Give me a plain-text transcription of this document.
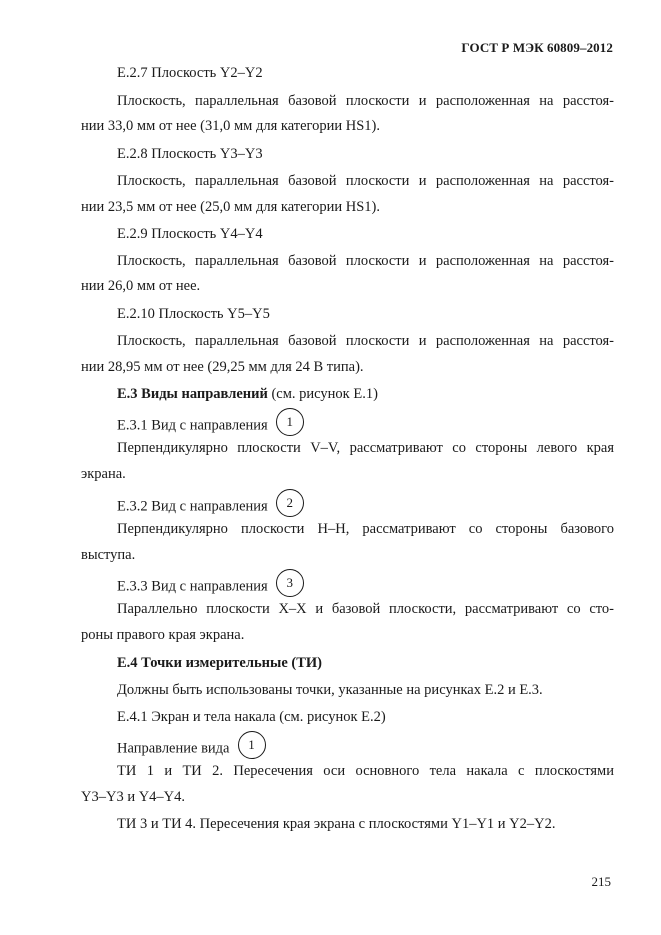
ГОСТ Р МЭК 60809–2012
Е.2.7 Плоскость Y2–Y2
Плоскость, параллельная базовой плоскости и расположенная на расстоя-
нии 33,0 мм от нее (31,0 мм для категории HS1).
Е.2.8 Плоскость Y3–Y3
Плоскость, параллельная базовой плоскости и расположенная на расстоя-
нии 23,5 мм от нее (25,0 мм для категории HS1).
Е.2.9 Плоскость Y4–Y4
Плоскость, параллельная базовой плоскости и расположенная на расстоя-
нии 26,0 мм от нее.
Е.2.10 Плоскость Y5–Y5
Плоскость, параллельная базовой плоскости и расположенная на расстоя-
нии 28,95 мм от нее (29,25 мм для 24 В типа).
Е.3 Виды направлений (см. рисунок Е.1)
Е.3.1 Вид с направления 1
Перпендикулярно плоскости V–V, рассматривают со стороны левого края
экрана.
Е.3.2 Вид с направления 2
Перпендикулярно плоскости H–H, рассматривают со стороны базового
выступа.
Е.3.3 Вид с направления 3
Параллельно плоскости X–X и базовой плоскости, рассматривают со сто-
роны правого края экрана.
Е.4 Точки измерительные (ТИ)
Должны быть использованы точки, указанные на рисунках Е.2 и Е.3.
Е.4.1 Экран и тела накала (см. рисунок Е.2)
Направление вида 1
ТИ 1 и ТИ 2. Пересечения оси основного тела накала с плоскостями
Y3–Y3 и Y4–Y4.
ТИ 3 и ТИ 4. Пересечения края экрана с плоскостями Y1–Y1 и Y2–Y2.
215
